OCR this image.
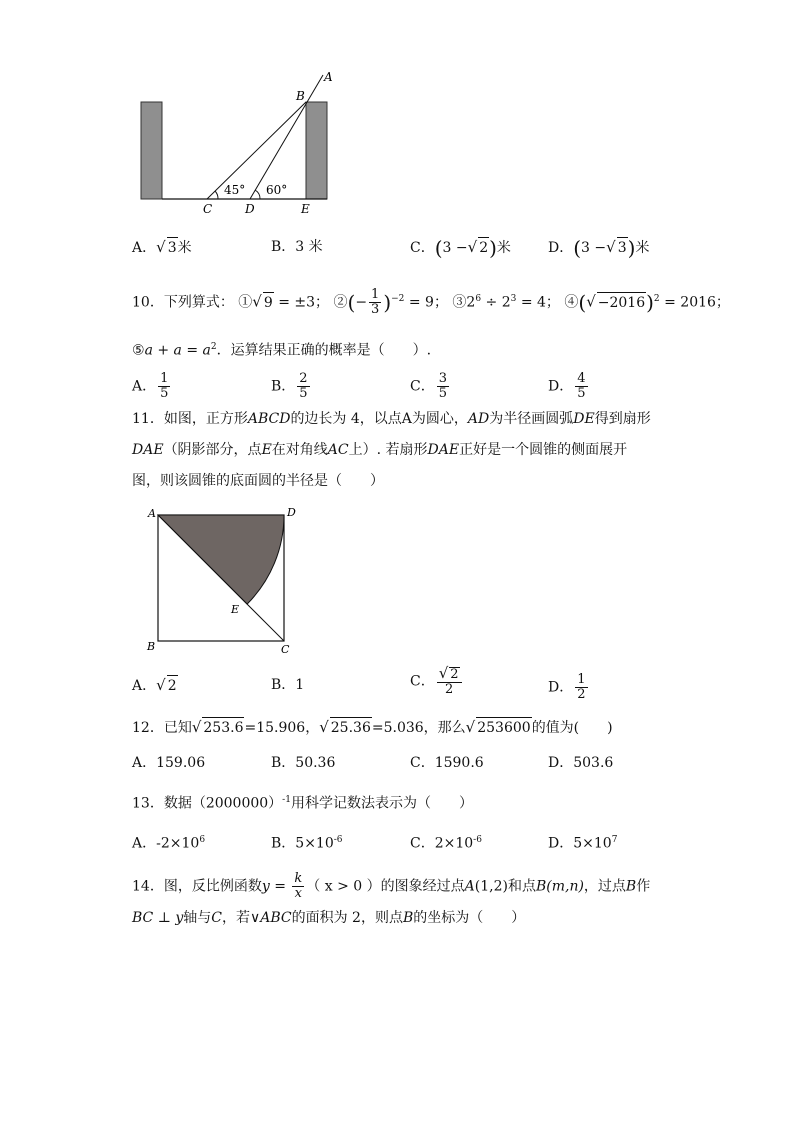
A
B
C	D	E
45° 60°
A．√ 3米	B．3 米	C．(3 −√ 2)米	D．(3 −√ 3)米
10．下列算式： ①√ 9 = ±3； ②(− $\frac{1}{3} )^{-2} = 9$； $③2^6 \div 2^3 = 4$； ④(√ −2016)$^2$ = 2016；
⑤a + $a = a^2$．运算结果正确的概率是（　　）.
A． $\frac{1}{5}$	B． $\frac{2}{5}$	C． $\frac{3}{5}$	D． $\frac{4}{5}$
11．如图，正方形ABCD的边长为 4，以点A为圆心，AD为半径画圆弧DE得到扇形
DAE（阴影部分，点E在对角线AC上）. 若扇形DAE正好是一个圆锥的侧面展开
图，则该圆锥的底面圆的半径是（　　）
A	D
E
B	C
A．√ 2	B．1	C． $\frac{√ 2}{2}$	D． $\frac{1}{2}$
12．已知√ 253.6=15.906，√ 25.36=5.036，那么√ 253600的值为(　　)
A．159.06	B．50.36	C．1590.6	D．503.6
13．数据$(2000000)^{-1}$用科学记数法表示为（　　）
A．$-2\times 10^6$	B．$5\times 10^{-6}$	C．$2\times 10^{-6}$	D．$5\times 10^7$
14．图，反比例函数$y = \frac{k}{x}$ （ x > 0 ）的图象经过点A(1,2)和点B(m,n)，过点B作
BC ⊥ y轴与C，若∨ABC的面积为 2，则点B的坐标为（　　）
